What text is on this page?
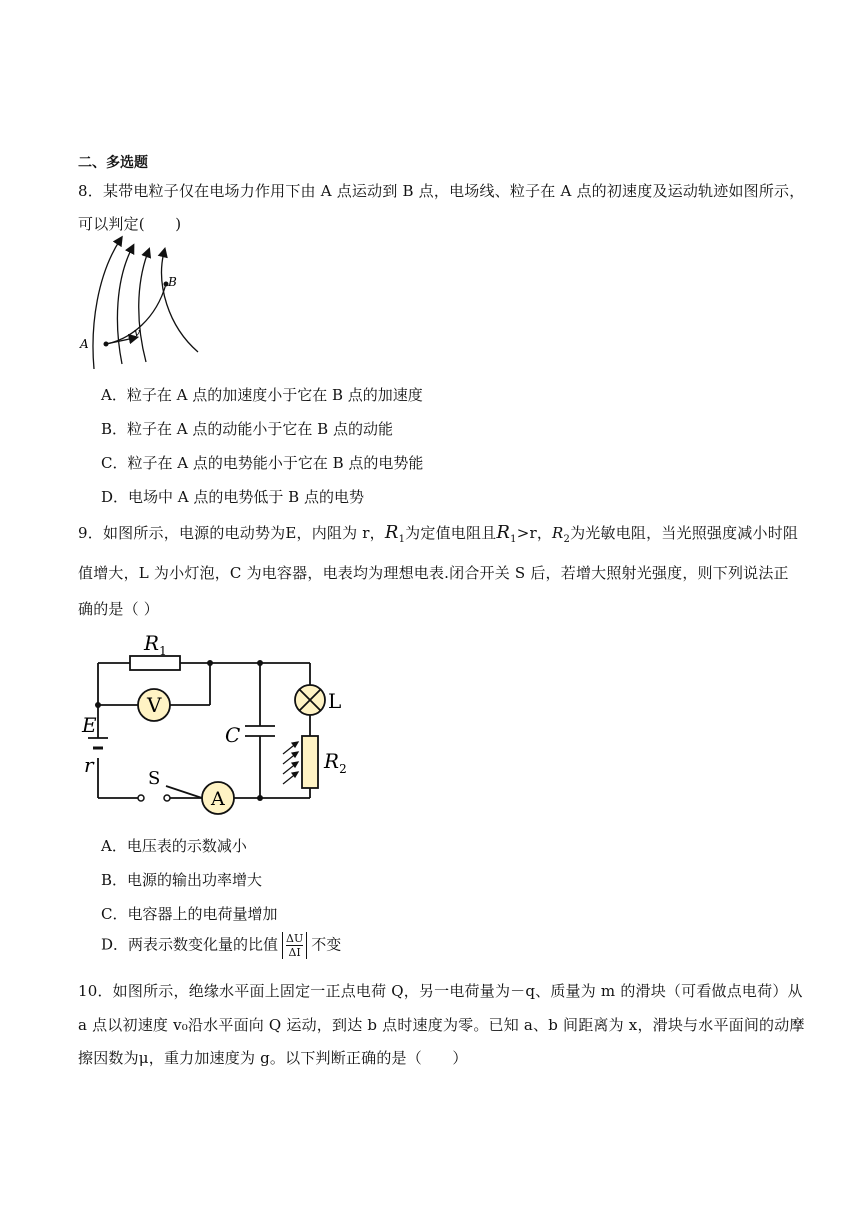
二、多选题
8．某带电粒子仅在电场力作用下由 A 点运动到 B 点，电场线、粒子在 A 点的初速度及运动轨迹如图所示，
可以判定(　　)
A
B
v
A．粒子在 A 点的加速度小于它在 B 点的加速度
B．粒子在 A 点的动能小于它在 B 点的动能
C．粒子在 A 点的电势能小于它在 B 点的电势能
D．电场中 A 点的电势低于 B 点的电势
9．如图所示，电源的电动势为E，内阻为 r，$R_1$为定值电阻且$R_1>r$，$R_2$为光敏电阻，当光照强度减小时阻
值增大，L 为小灯泡，C 为电容器，电表均为理想电表.闭合开关 S 后，若增大照射光强度，则下列说法正
确的是（ ）
$R_1$
V
A
L
C
E
r
S
$R_2$
A．电压表的示数减小
B．电源的输出功率增大
C．电容器上的电荷量增加
D．两表示数变化量的比值 $\frac{\Delta U}{\Delta I}$ 不变
10．如图所示，绝缘水平面上固定一正点电荷 Q，另一电荷量为－q、质量为 m 的滑块（可看做点电荷）从
a 点以初速度 v₀沿水平面向 Q 运动，到达 b 点时速度为零。已知 a、b 间距离为 x，滑块与水平面间的动摩
擦因数为μ，重力加速度为 g。以下判断正确的是（　　）
